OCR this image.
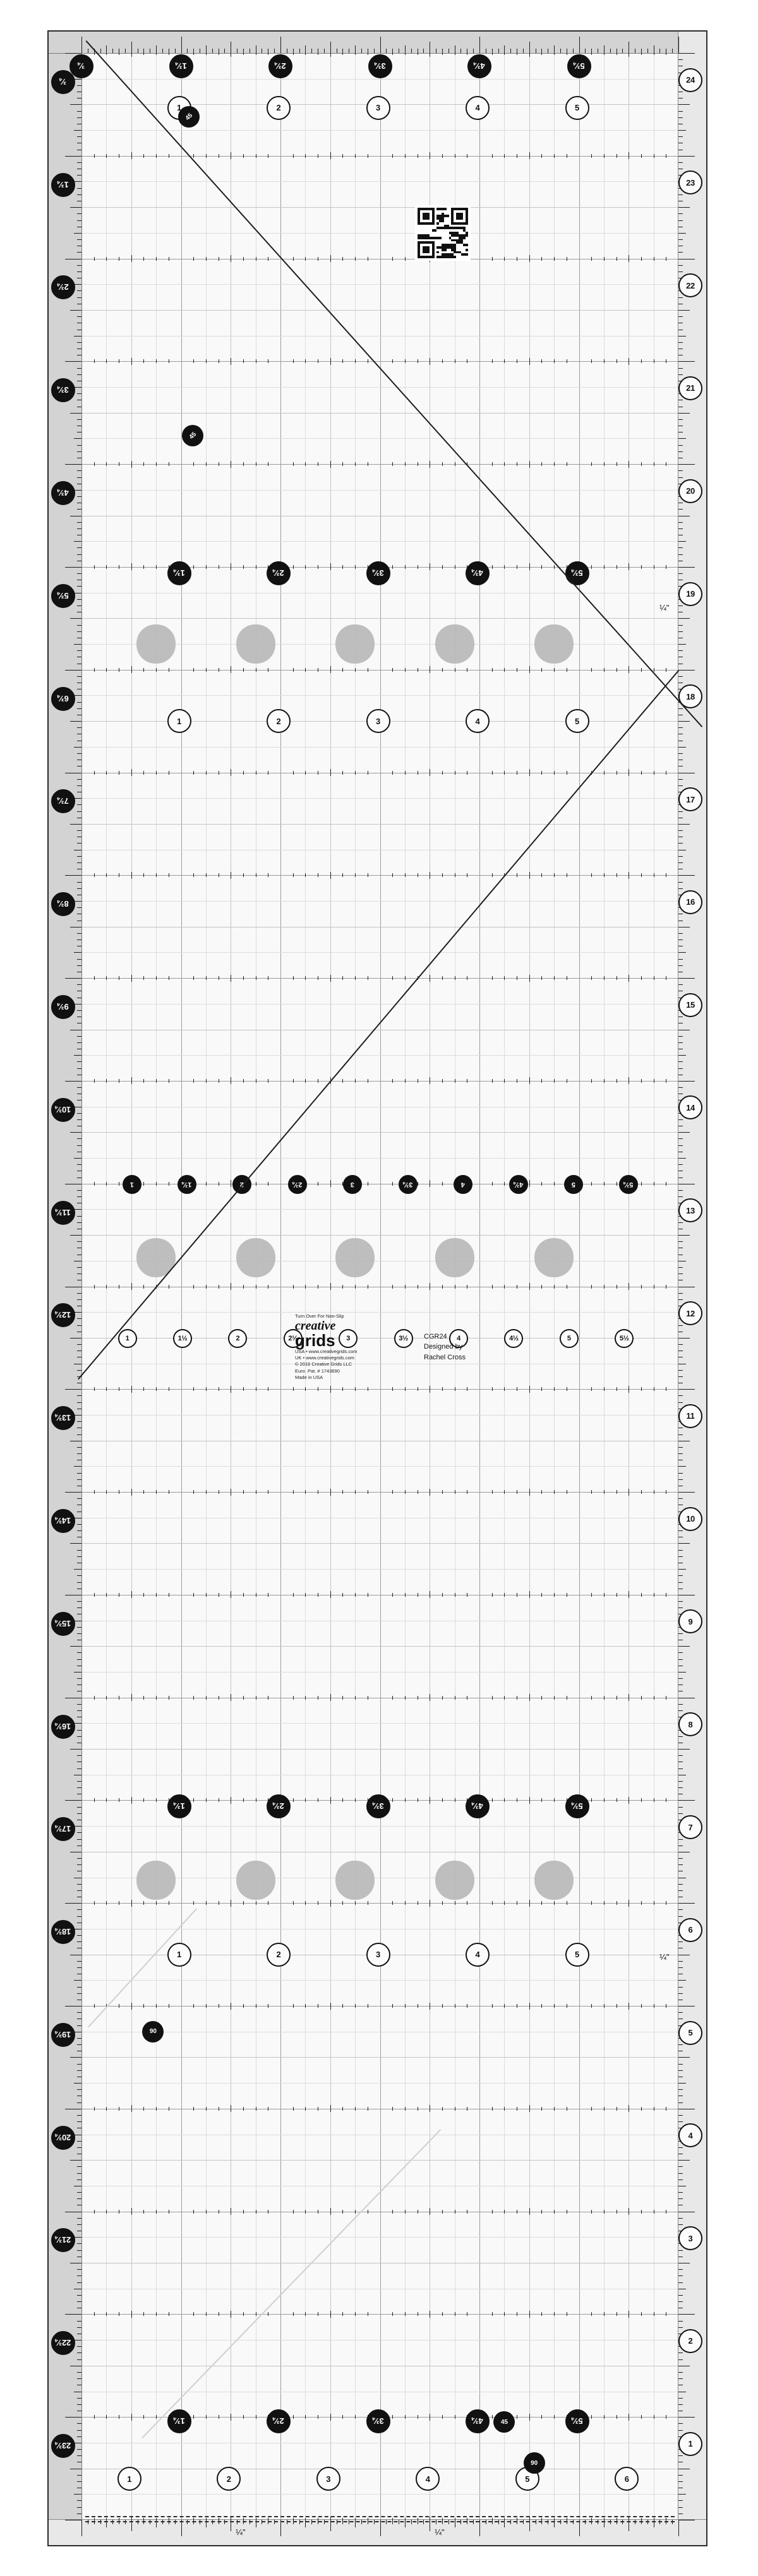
¾
1¾
2¾
3¾
4¾
5¾
6¾
7¾
8¾
9¾
10¾
11¾
12¾
13¾
14¾
15¾
16¾
17¾
18¾
19¾
20¾
21¾
22¾
23¾
24
23
22
21
20
19
18
17
16
15
14
13
12
11
10
9
8
7
6
5
4
3
2
1
¾	1¾	2¾	3¾	4¾	5¾
5
4
3
2
1
1¾	2¾	3¾	4¾	5¾
5
4
3
2
1
1	1¾	2	2¾	3	3¾	4	4¾	5	5¾
5½
5
4½
4
3½
3
2½
2
1½
1
1¾	2¾	3¾	4¾	5¾
5
4
3
2
1
1¾	2¾	3¾	4¾	5¾
6
5
4
3
2
1
45
45
90
45
90
¼"
¼"
¼"	¼"
Turn Over For Non-Slip
creative
grids
USA • www.creativegrids.com
UK • www.creativegrids.com
© 2016 Creative Grids LLC
Euro. Pat. # 1743690
Made in USA
CGR24
Designed by
Rachel Cross
